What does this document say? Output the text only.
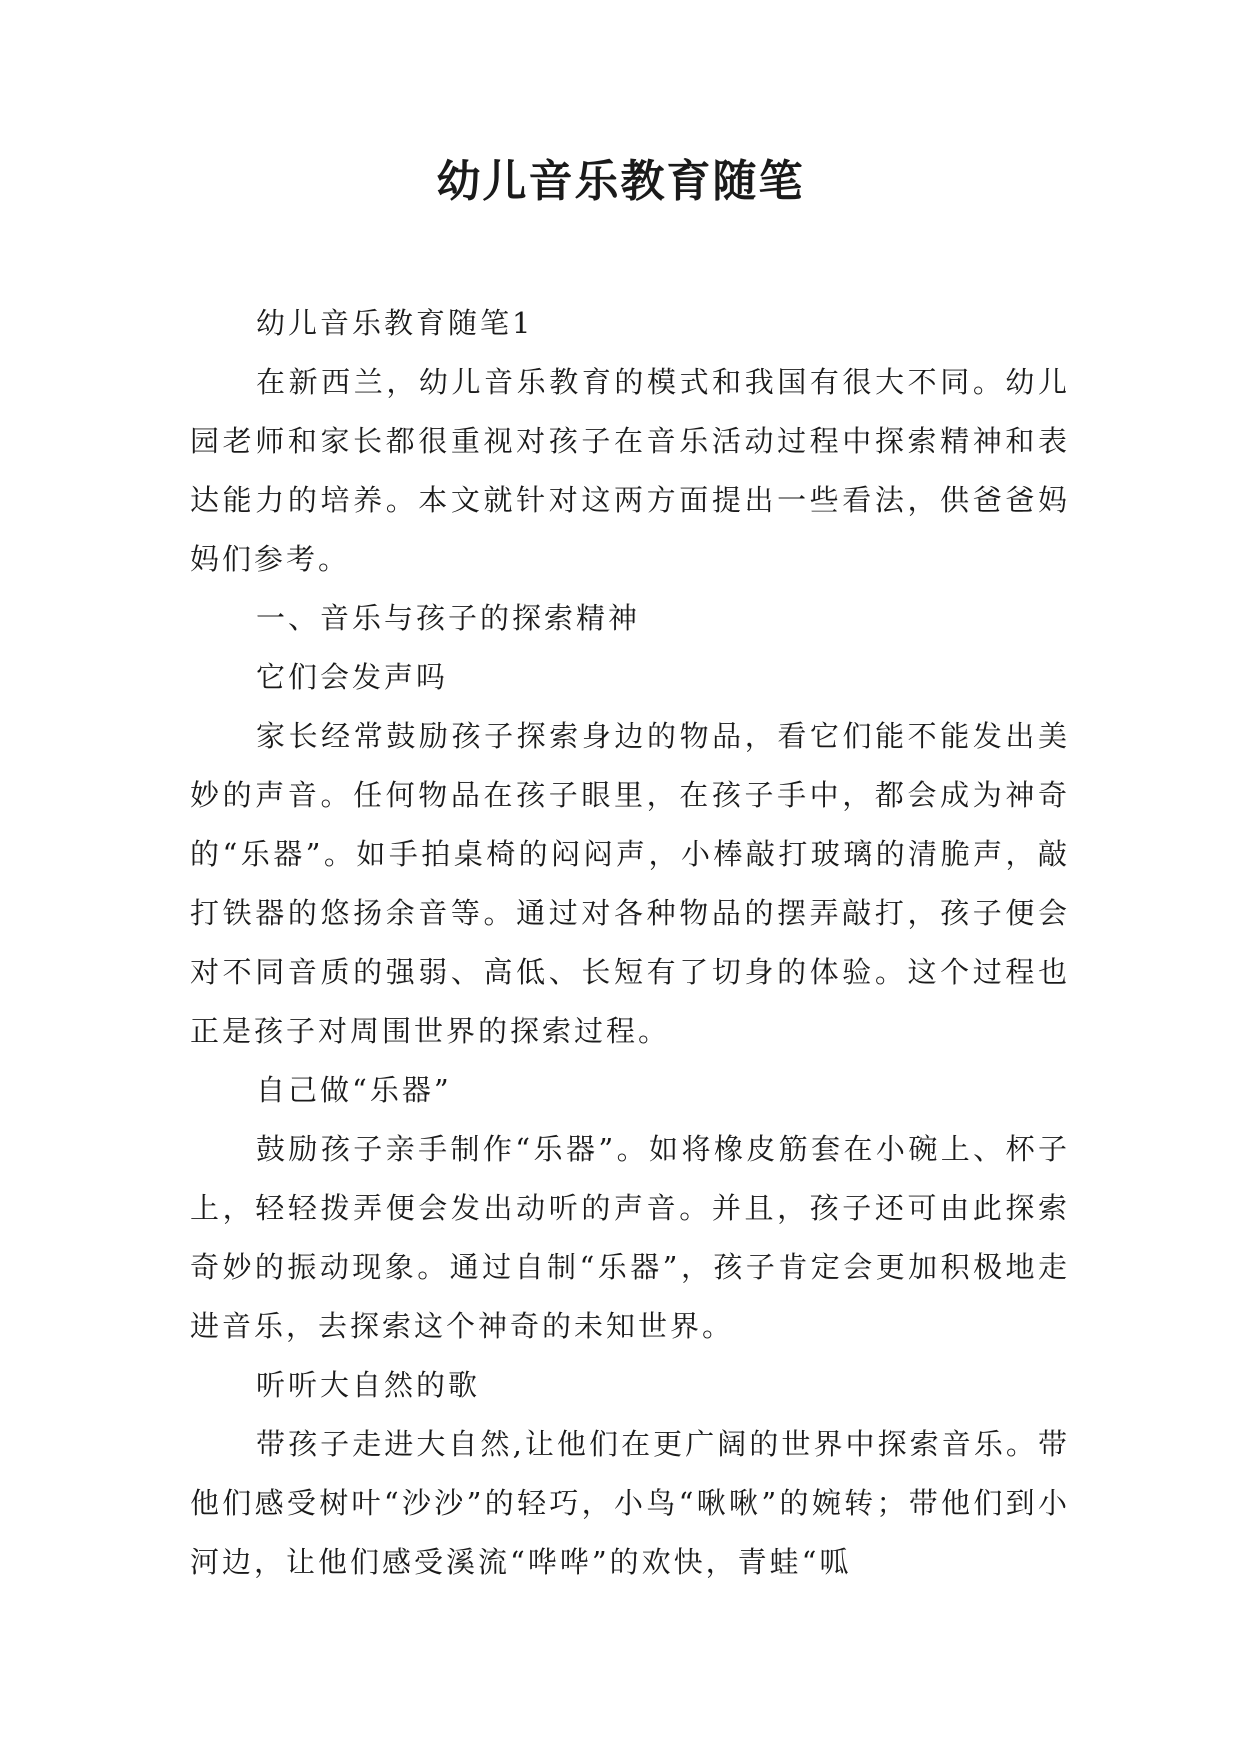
幼儿音乐教育随笔

幼儿音乐教育随笔1

在新西兰，幼儿音乐教育的模式和我国有很大不同。幼儿园老师和家长都很重视对孩子在音乐活动过程中探索精神和表达能力的培养。本文就针对这两方面提出一些看法，供爸爸妈妈们参考。

一、音乐与孩子的探索精神

它们会发声吗

家长经常鼓励孩子探索身边的物品，看它们能不能发出美妙的声音。任何物品在孩子眼里，在孩子手中，都会成为神奇的“乐器”。如手拍桌椅的闷闷声，小棒敲打玻璃的清脆声，敲打铁器的悠扬余音等。通过对各种物品的摆弄敲打，孩子便会对不同音质的强弱、高低、长短有了切身的体验。这个过程也正是孩子对周围世界的探索过程。

自己做“乐器”

鼓励孩子亲手制作“乐器”。如将橡皮筋套在小碗上、杯子上，轻轻拨弄便会发出动听的声音。并且，孩子还可由此探索奇妙的振动现象。通过自制“乐器”，孩子肯定会更加积极地走进音乐，去探索这个神奇的未知世界。

听听大自然的歌

带孩子走进大自然,让他们在更广阔的世界中探索音乐。带他们感受树叶“沙沙”的轻巧，小鸟“啾啾”的婉转；带他们到小河边，让他们感受溪流“哗哗”的欢快，青蛙“呱
